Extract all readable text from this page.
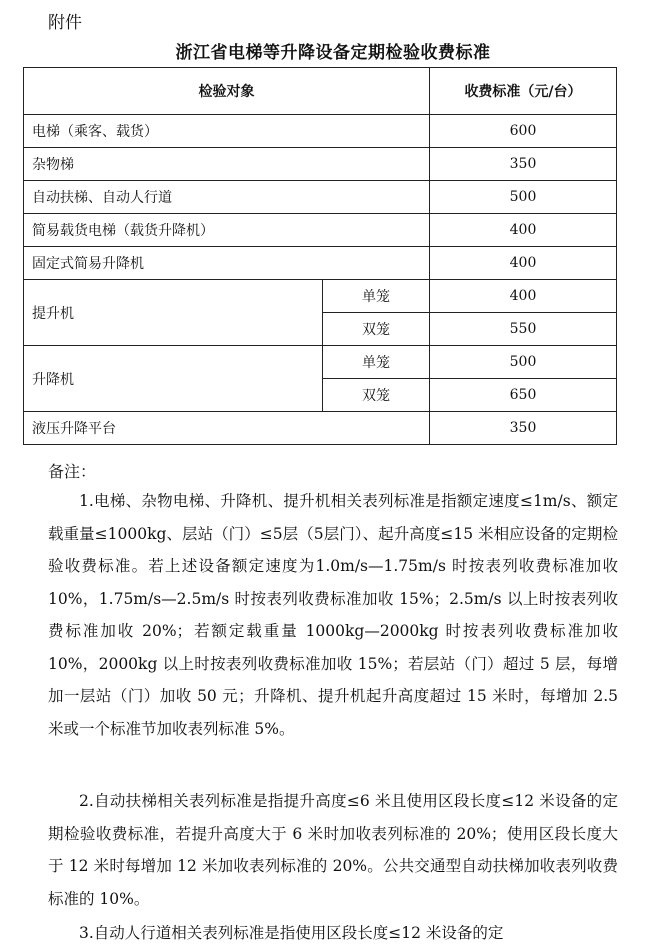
附件
浙江省电梯等升降设备定期检验收费标准
检验对象		收费标准（元/台）
电梯（乘客、载货）		600
杂物梯		350
自动扶梯、自动人行道		500
简易载货电梯（载货升降机）		400
固定式简易升降机		400
提升机	单笼	400
	双笼	550
升降机	单笼	500
	双笼	650
液压升降平台		350
备注：
1.电梯、杂物电梯、升降机、提升机相关表列标准是指额定速度≤1m/s、额定载重量≤1000kg、层站（门）≤5层（5层门）、起升高度≤15 米相应设备的定期检验收费标准。若上述设备额定速度为1.0m/s—1.75m/s 时按表列收费标准加收 10%，1.75m/s—2.5m/s 时按表列收费标准加收 15%；2.5m/s 以上时按表列收费标准加收 20%；若额定载重量 1000kg—2000kg 时按表列收费标准加收 10%，2000kg 以上时按表列收费标准加收 15%；若层站（门）超过 5 层，每增加一层站（门）加收 50 元；升降机、提升机起升高度超过 15 米时，每增加 2.5 米或一个标准节加收表列标准 5%。
2.自动扶梯相关表列标准是指提升高度≤6 米且使用区段长度≤12 米设备的定期检验收费标准，若提升高度大于 6 米时加收表列标准的 20%；使用区段长度大于 12 米时每增加 12 米加收表列标准的 20%。公共交通型自动扶梯加收表列收费标准的 10%。
3.自动人行道相关表列标准是指使用区段长度≤12 米设备的定
